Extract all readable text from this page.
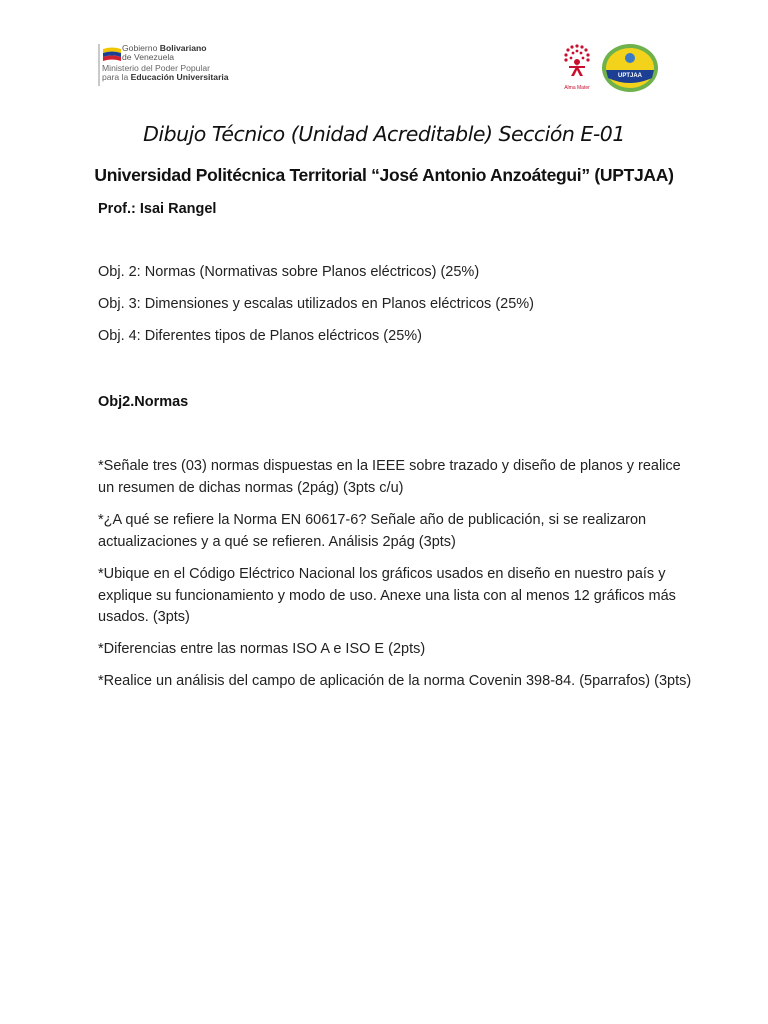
Gobierno Bolivariano
de Venezuela
Ministerio del Poder Popular
para la Educación Universitaria
Alma Mater
UPTJAA
Dibujo Técnico (Unidad Acreditable) Sección E-01
Universidad Politécnica Territorial “José Antonio Anzoátegui” (UPTJAA)
Prof.: Isai Rangel
Obj. 2: Normas (Normativas sobre Planos eléctricos) (25%)
Obj. 3: Dimensiones y escalas utilizados en Planos eléctricos (25%)
Obj. 4: Diferentes tipos de Planos eléctricos (25%)
Obj2.Normas
*Señale tres (03) normas dispuestas en la IEEE sobre trazado y diseño de planos y realice un resumen de dichas normas (2pág) (3pts c/u)
*¿A qué se refiere la Norma EN 60617-6? Señale año de publicación, si se realizaron actualizaciones y a qué se refieren. Análisis 2pág (3pts)
*Ubique en el Código Eléctrico Nacional los gráficos usados en diseño en nuestro país y explique su funcionamiento y modo de uso. Anexe una lista con al menos 12 gráficos más usados. (3pts)
*Diferencias entre las normas ISO A e ISO E (2pts)
*Realice un análisis del campo de aplicación de la norma Covenin 398-84. (5parrafos) (3pts)
